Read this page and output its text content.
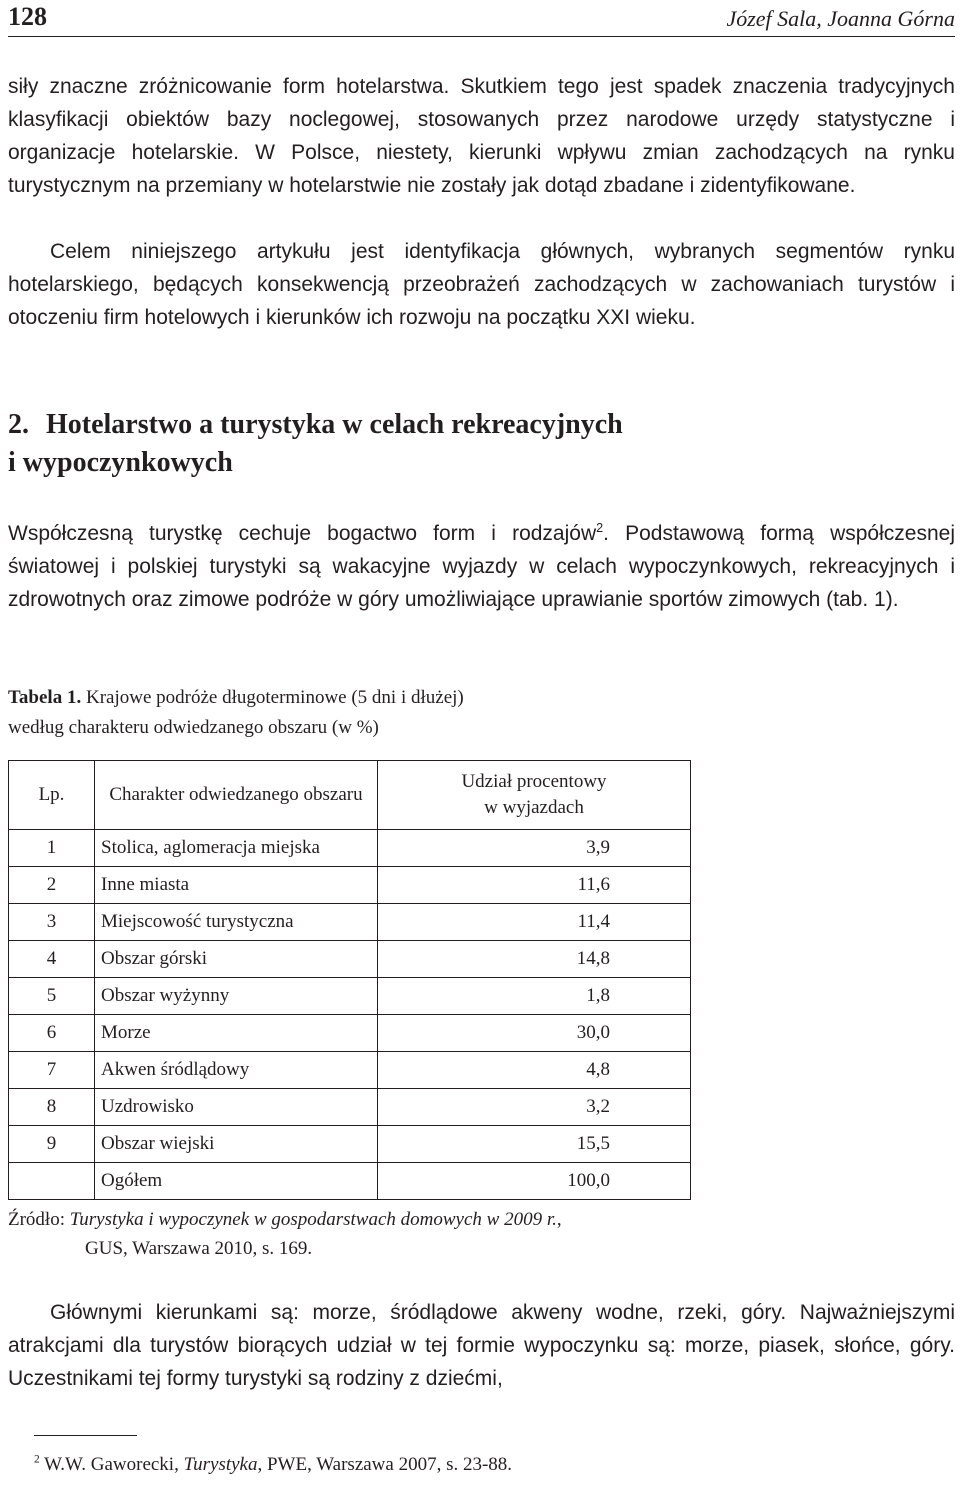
128	Józef Sala, Joanna Górna

siły znaczne zróżnicowanie form hotelarstwa. Skutkiem tego jest spadek znaczenia tradycyjnych klasyfikacji obiektów bazy noclegowej, stosowanych przez narodowe urzędy statystyczne i organizacje hotelarskie. W Polsce, niestety, kierunki wpływu zmian zachodzących na rynku turystycznym na przemiany w hotelarstwie nie zostały jak dotąd zbadane i zidentyfikowane.

Celem niniejszego artykułu jest identyfikacja głównych, wybranych segmentów rynku hotelarskiego, będących konsekwencją przeobrażeń zachodzących w zachowaniach turystów i otoczeniu firm hotelowych i kierunków ich rozwoju na początku XXI wieku.

2. Hotelarstwo a turystyka w celach rekreacyjnych
i wypoczynkowych

Współczesną turystkę cechuje bogactwo form i rodzajów$^2$. Podstawową formą współczesnej światowej i polskiej turystyki są wakacyjne wyjazdy w celach wypoczynkowych, rekreacyjnych i zdrowotnych oraz zimowe podróże w góry umożliwiające uprawianie sportów zimowych (tab. 1).

Tabela 1. Krajowe podróże długoterminowe (5 dni i dłużej)
według charakteru odwiedzanego obszaru (w %)

Lp.	Charakter odwiedzanego obszaru	Udział procentowy
w wyjazdach
1	Stolica, aglomeracja miejska	3,9
2	Inne miasta	11,6
3	Miejscowość turystyczna	11,4
4	Obszar górski	14,8
5	Obszar wyżynny	1,8
6	Morze	30,0
7	Akwen śródlądowy	4,8
8	Uzdrowisko	3,2
9	Obszar wiejski	15,5
	Ogółem	100,0

Źródło: Turystyka i wypoczynek w gospodarstwach domowych w 2009 r.,
GUS, Warszawa 2010, s. 169.

Głównymi kierunkami są: morze, śródlądowe akweny wodne, rzeki, góry. Najważniejszymi atrakcjami dla turystów biorących udział w tej formie wypoczynku są: morze, piasek, słońce, góry. Uczestnikami tej formy turystyki są rodziny z dziećmi,

$^2$ W.W. Gaworecki, Turystyka, PWE, Warszawa 2007, s. 23-88.
